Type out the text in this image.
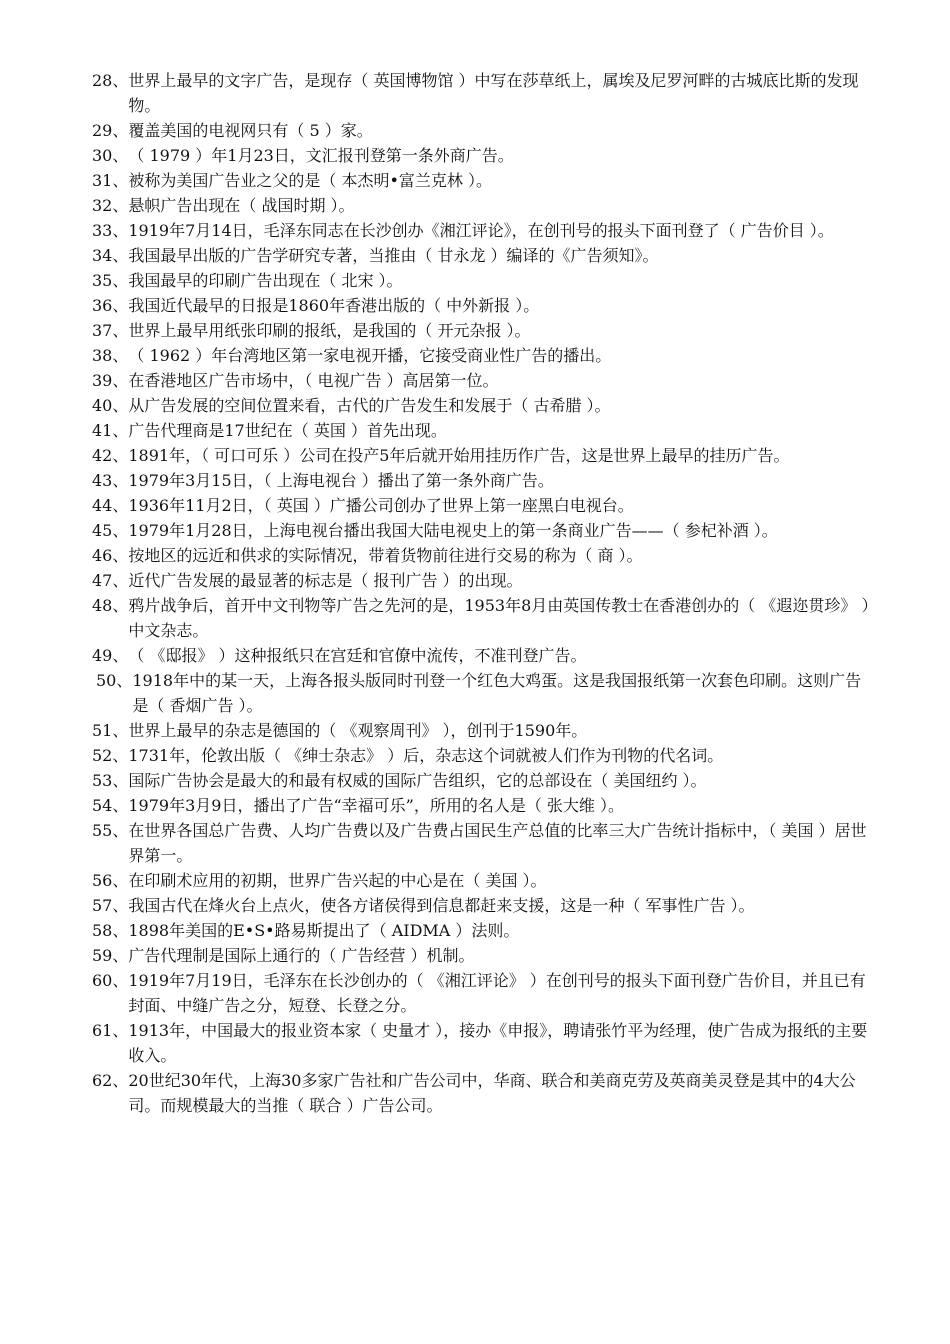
28、 世界上最早的文字广告，是现存（ 英国博物馆 ）中写在莎草纸上，属埃及尼罗河畔的古城底比斯的发现物。
29、 覆盖美国的电视网只有（ 5 ）家。
30、 （ 1979 ）年1月23日，文汇报刊登第一条外商广告。
31、 被称为美国广告业之父的是（ 本杰明•富兰克林 ）。
32、 悬帜广告出现在（ 战国时期 ）。
33、 1919年7月14日，毛泽东同志在长沙创办《湘江评论》，在创刊号的报头下面刊登了（ 广告价目 ）。
34、 我国最早出版的广告学研究专著，当推由（ 甘永龙 ）编译的《广告须知》。
35、 我国最早的印刷广告出现在（ 北宋 ）。
36、 我国近代最早的日报是1860年香港出版的（ 中外新报 ）。
37、 世界上最早用纸张印刷的报纸，是我国的（ 开元杂报 ）。
38、 （ 1962 ）年台湾地区第一家电视开播，它接受商业性广告的播出。
39、 在香港地区广告市场中，（ 电视广告 ）高居第一位。
40、 从广告发展的空间位置来看，古代的广告发生和发展于（ 古希腊 ）。
41、 广告代理商是17世纪在（ 英国 ）首先出现。
42、 1891年，（ 可口可乐 ）公司在投产5年后就开始用挂历作广告，这是世界上最早的挂历广告。
43、 1979年3月15日，（ 上海电视台 ）播出了第一条外商广告。
44、 1936年11月2日，（ 英国 ）广播公司创办了世界上第一座黑白电视台。
45、 1979年1月28日，上海电视台播出我国大陆电视史上的第一条商业广告——（ 参杞补酒 ）。
46、 按地区的远近和供求的实际情况，带着货物前往进行交易的称为（ 商 ）。
47、 近代广告发展的最显著的标志是（ 报刊广告 ）的出现。
48、 鸦片战争后，首开中文刊物等广告之先河的是，1953年8月由英国传教士在香港创办的（ 《遐迩贯珍》 ）中文杂志。
49、 （ 《邸报》 ）这种报纸只在宫廷和官僚中流传，不准刊登广告。
50、 1918年中的某一天，上海各报头版同时刊登一个红色大鸡蛋。这是我国报纸第一次套色印刷。这则广告是（ 香烟广告 ）。
51、 世界上最早的杂志是德国的（ 《观察周刊》 ），创刊于1590年。
52、 1731年，伦敦出版（ 《绅士杂志》 ）后，杂志这个词就被人们作为刊物的代名词。
53、 国际广告协会是最大的和最有权威的国际广告组织，它的总部设在（ 美国纽约 ）。
54、 1979年3月9日，播出了广告“幸福可乐”，所用的名人是（ 张大维 ）。
55、 在世界各国总广告费、人均广告费以及广告费占国民生产总值的比率三大广告统计指标中，（ 美国 ）居世界第一。
56、 在印刷术应用的初期，世界广告兴起的中心是在（ 美国 ）。
57、 我国古代在烽火台上点火，使各方诸侯得到信息都赶来支援，这是一种（ 军事性广告 ）。
58、 1898年美国的E•S•路易斯提出了（ AIDMA ）法则。
59、 广告代理制是国际上通行的（ 广告经营 ）机制。
60、 1919年7月19日，毛泽东在长沙创办的（ 《湘江评论》 ）在创刊号的报头下面刊登广告价目，并且已有封面、中缝广告之分，短登、长登之分。
61、 1913年，中国最大的报业资本家（ 史量才 ），接办《申报》，聘请张竹平为经理，使广告成为报纸的主要收入。
62、 20世纪30年代，上海30多家广告社和广告公司中，华商、联合和美商克劳及英商美灵登是其中的4大公司。而规模最大的当推（ 联合 ）广告公司。
